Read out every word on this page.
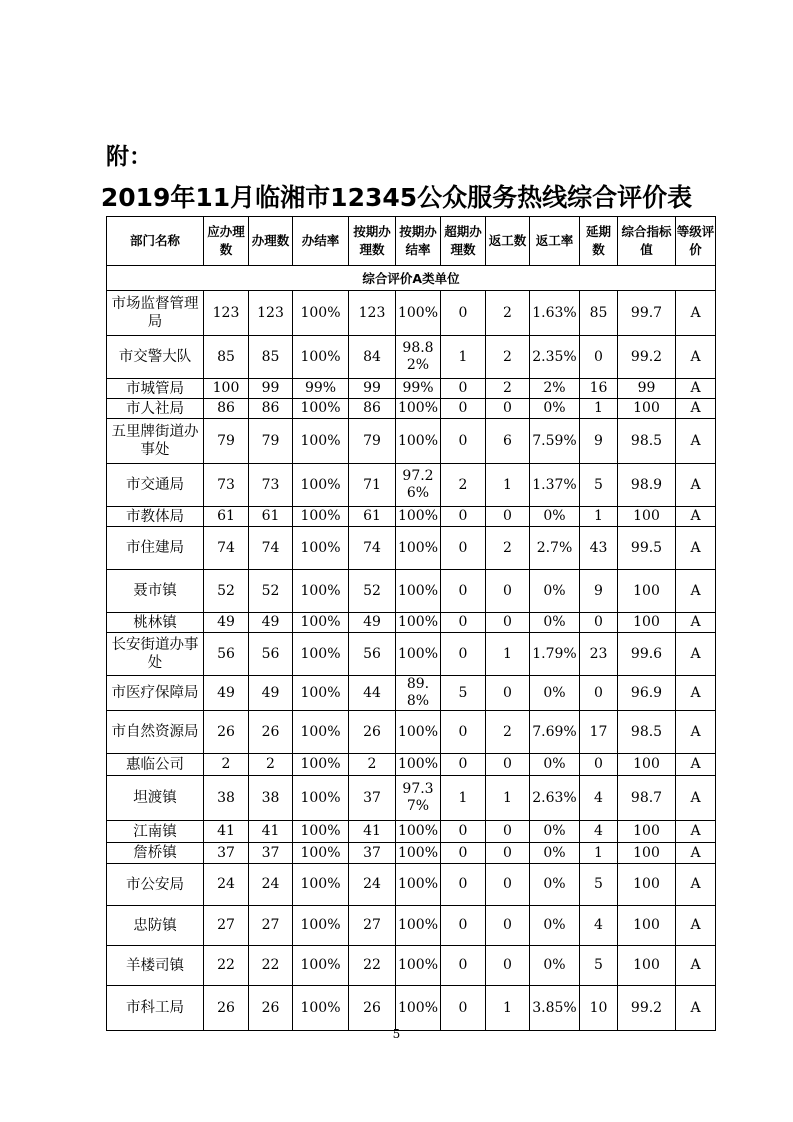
附：
2019年11月临湘市12345公众服务热线综合评价表
部门名称	应办理数	办理数	办结率	按期办理数	按期办结率	超期办理数	返工数	返工率	延期数	综合指标值	等级评价
综合评价A类单位											

市场监督管理局	123	123	100%	123	100%	0	2	1.63%	85	99.7	A

市交警大队	85	85	100%	84	98.82%	1	2	2.35%	0	99.2	A

市城管局	100	99	99%	99	99%	0	2	2%	16	99	A

市人社局	86	86	100%	86	100%	0	0	0%	1	100	A

五里牌街道办事处	79	79	100%	79	100%	0	6	7.59%	9	98.5	A

市交通局	73	73	100%	71	97.26%	2	1	1.37%	5	98.9	A

市教体局	61	61	100%	61	100%	0	0	0%	1	100	A

市住建局	74	74	100%	74	100%	0	2	2.7%	43	99.5	A

聂市镇	52	52	100%	52	100%	0	0	0%	9	100	A

桃林镇	49	49	100%	49	100%	0	0	0%	0	100	A

长安街道办事处	56	56	100%	56	100%	0	1	1.79%	23	99.6	A

市医疗保障局	49	49	100%	44	89.8%	5	0	0%	0	96.9	A

市自然资源局	26	26	100%	26	100%	0	2	7.69%	17	98.5	A

惠临公司	2	2	100%	2	100%	0	0	0%	0	100	A

坦渡镇	38	38	100%	37	97.37%	1	1	2.63%	4	98.7	A

江南镇	41	41	100%	41	100%	0	0	0%	4	100	A

詹桥镇	37	37	100%	37	100%	0	0	0%	1	100	A

市公安局	24	24	100%	24	100%	0	0	0%	5	100	A

忠防镇	27	27	100%	27	100%	0	0	0%	4	100	A

羊楼司镇	22	22	100%	22	100%	0	0	0%	5	100	A

市科工局	26	26	100%	26	100%	0	1	3.85%	10	99.2	A
5
